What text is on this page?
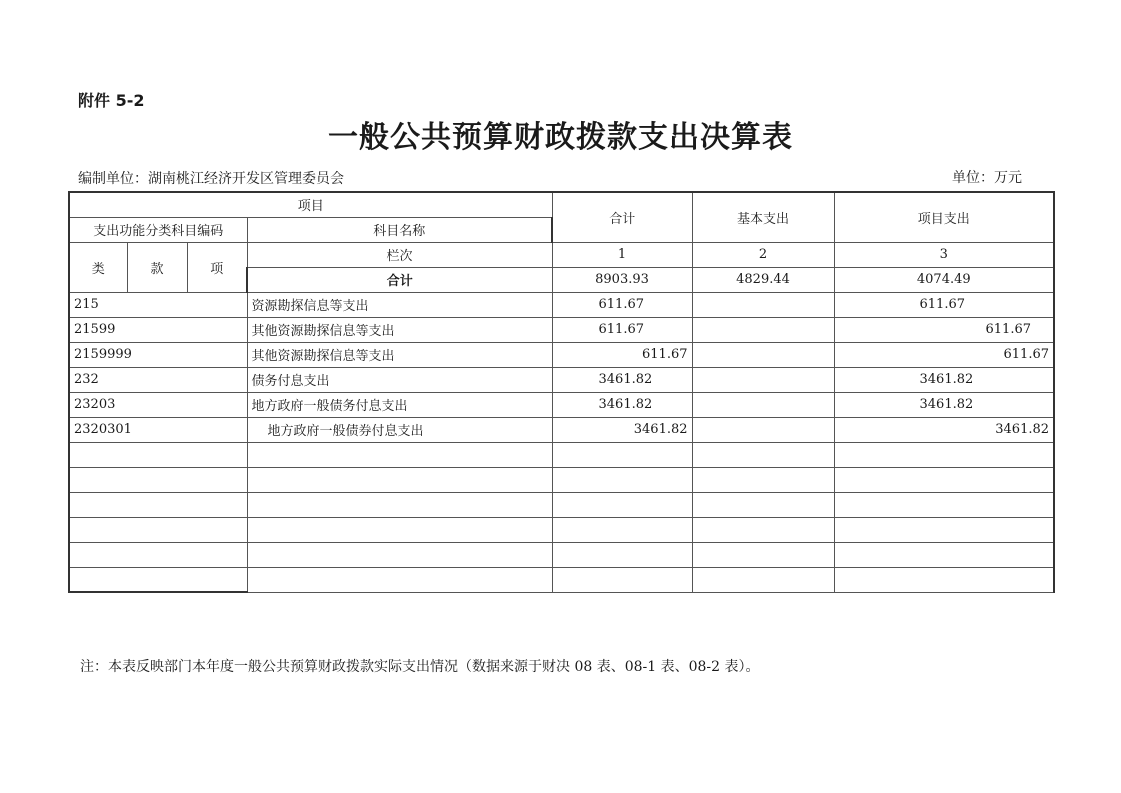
附件 5-2
一般公共预算财政拨款支出决算表
编制单位：湖南桃江经济开发区管理委员会	单位：万元
项目				合计	基本支出	项目支出
支出功能分类科目编码			科目名称			
类	款	项	栏次	1	2	3
			合计	8903.93	4829.44	4074.49
215			资源勘探信息等支出	611.67		611.67
21599			其他资源勘探信息等支出	611.67		611.67
2159999			其他资源勘探信息等支出	611.67		611.67
232			债务付息支出	3461.82		3461.82
23203			地方政府一般债务付息支出	3461.82		3461.82
2320301			地方政府一般债券付息支出	3461.82		3461.82

注：本表反映部门本年度一般公共预算财政拨款实际支出情况（数据来源于财决 08 表、08-1 表、08-2 表）。
